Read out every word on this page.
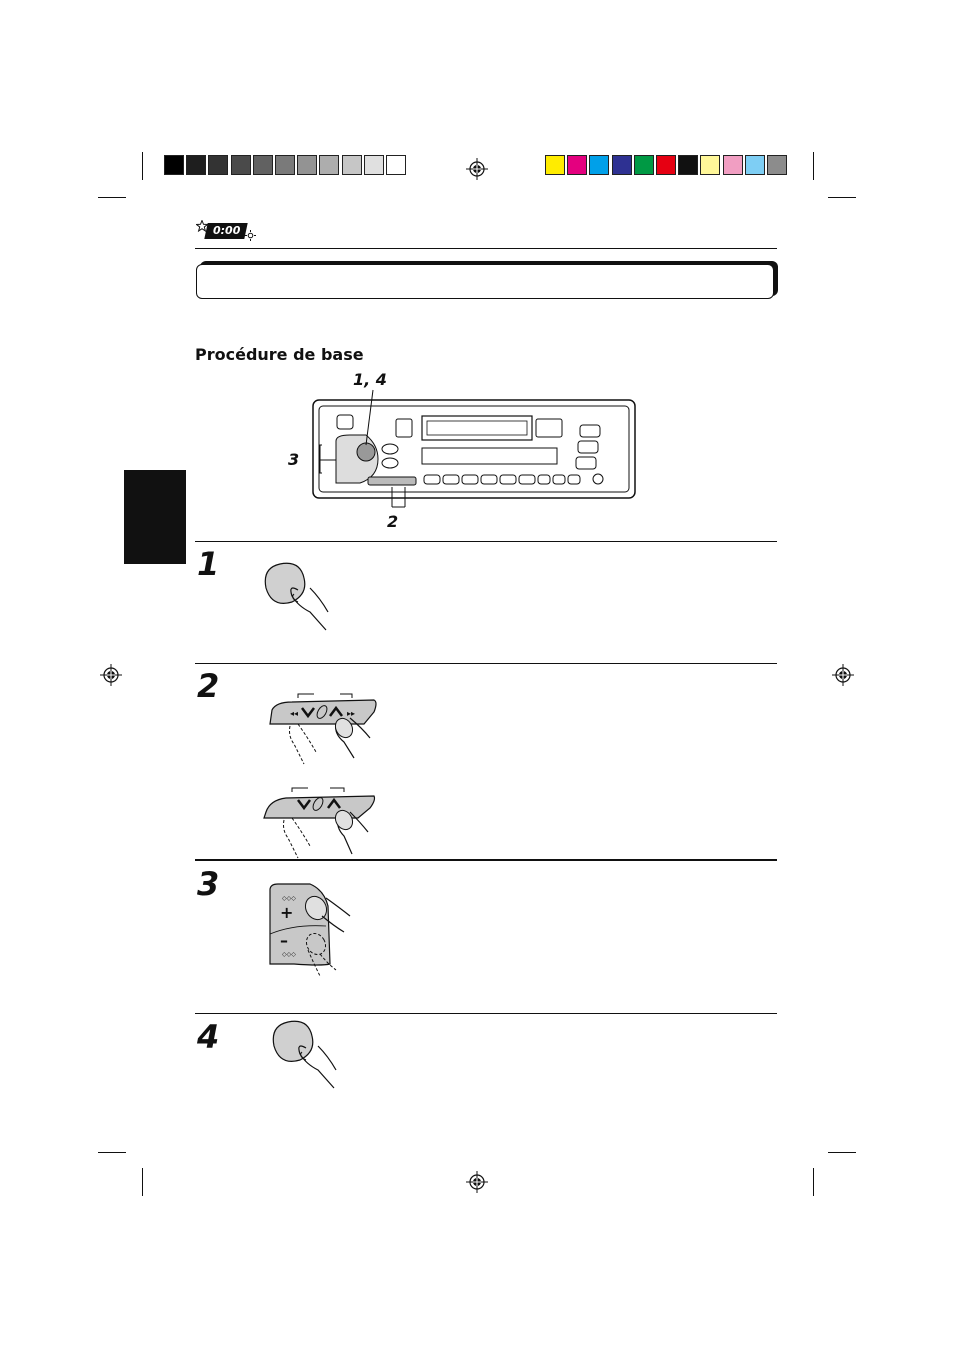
0:00
Procédure de base
1, 4
3
2
1
2
3
4
◂◂	▸▸
◇◇◇
+
–
◇◇◇
